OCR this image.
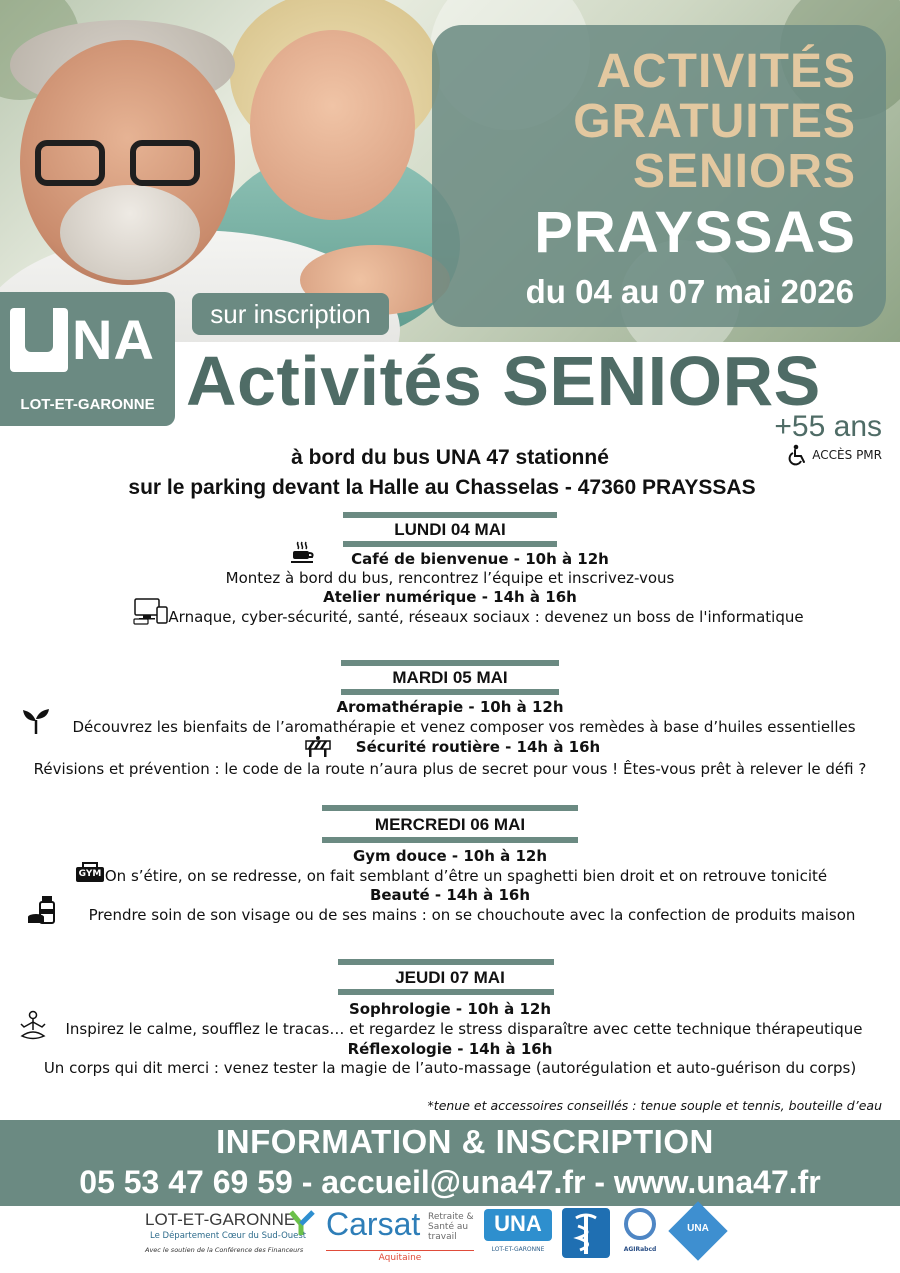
ACTIVITÉS
GRATUITES
SENIORS
PRAYSSAS
du 04 au 07 mai 2026
NA
LOT-ET-GARONNE
sur inscription
Activités SENIORS
+55 ans
ACCÈS PMR
à bord du bus UNA 47 stationné
sur le parking devant la Halle au Chasselas - 47360 PRAYSSAS
LUNDI 04 MAI
Café de bienvenue - 10h à 12h
Montez à bord du bus, rencontrez l’équipe et inscrivez-vous
Atelier numérique - 14h à 16h
Arnaque, cyber-sécurité, santé, réseaux sociaux : devenez un boss de l'informatique
MARDI 05 MAI
Aromathérapie - 10h à 12h
Découvrez les bienfaits de l’aromathérapie et venez composer vos remèdes à base d’huiles essentielles
Sécurité routière - 14h à 16h
Révisions et prévention : le code de la route n’aura plus de secret pour vous ! Êtes-vous prêt à relever le défi ?
MERCREDI 06 MAI
Gym douce - 10h à 12h
GYM On s’étire, on se redresse, on fait semblant d’être un spaghetti bien droit et on retrouve tonicité
Beauté - 14h à 16h
Prendre soin de son visage ou de ses mains : on se chouchoute avec la confection de produits maison
JEUDI 07 MAI
Sophrologie - 10h à 12h
Inspirez le calme, soufflez le tracas… et regardez le stress disparaître avec cette technique thérapeutique
Réflexologie - 14h à 16h
Un corps qui dit merci : venez tester la magie de l’auto-massage (autorégulation et auto-guérison du corps)
*tenue et accessoires conseillés : tenue souple et tennis, bouteille d’eau
INFORMATION & INSCRIPTION
05 53 47 69 59 - accueil@una47.fr - www.una47.fr
LOT-ET-GARONNE
Le Département Cœur du Sud-Ouest
Avec le soutien de la Conférence des Financeurs
Carsat Retraite & Santé au travail
Aquitaine
UNA
LOT-ET-GARONNE	AGIRabcd
UNA
